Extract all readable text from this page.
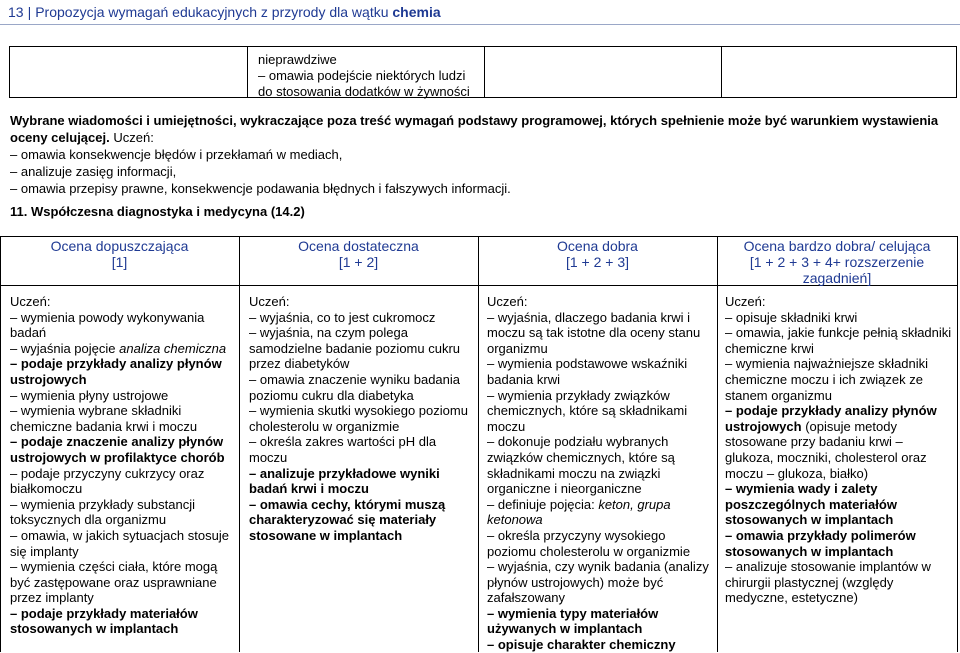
13 | Propozycja wymagań edukacyjnych z przyrody dla wątku chemia
nieprawdziwe
– omawia podejście niektórych ludzi
do stosowania dodatków w żywności
Wybrane wiadomości i umiejętności, wykraczające poza treść wymagań podstawy programowej, których spełnienie może być warunkiem wystawienia oceny celującej. Uczeń:
– omawia konsekwencje błędów i przekłamań w mediach,
– analizuje zasięg informacji,
– omawia przepisy prawne, konsekwencje podawania błędnych i fałszywych informacji.
11. Współczesna diagnostyka i medycyna (14.2)
Ocena dopuszczająca
[1]
Ocena dostateczna
[1 + 2]
Ocena dobra
[1 + 2 + 3]
Ocena bardzo dobra/ celująca
[1 + 2 + 3 + 4+ rozszerzenie zagadnień]
Uczeń:
– wymienia powody wykonywania badań
– wyjaśnia pojęcie analiza chemiczna
– podaje przykłady analizy płynów ustrojowych
– wymienia płyny ustrojowe
– wymienia wybrane składniki chemiczne badania krwi i moczu
– podaje znaczenie analizy płynów ustrojowych w profilaktyce chorób
– podaje przyczyny cukrzycy oraz białkomoczu
– wymienia przykłady substancji toksycznych dla organizmu
– omawia, w jakich sytuacjach stosuje się implanty
– wymienia części ciała, które mogą być zastępowane oraz usprawniane przez implanty
– podaje przykłady materiałów stosowanych w implantach
Uczeń:
– wyjaśnia, co to jest cukromocz
– wyjaśnia, na czym polega samodzielne badanie poziomu cukru przez diabetyków
– omawia znaczenie wyniku badania poziomu cukru dla diabetyka
– wymienia skutki wysokiego poziomu cholesterolu w organizmie
– określa zakres wartości pH dla moczu
– analizuje przykładowe wyniki badań krwi i moczu
– omawia cechy, którymi muszą charakteryzować się materiały stosowane w implantach
Uczeń:
– wyjaśnia, dlaczego badania krwi i moczu są tak istotne dla oceny stanu organizmu
– wymienia podstawowe wskaźniki badania krwi
– wymienia przykłady związków chemicznych, które są składnikami moczu
– dokonuje podziału wybranych związków chemicznych, które są składnikami moczu na związki organiczne i nieorganiczne
– definiuje pojęcia: keton, grupa ketonowa
– określa przyczyny wysokiego poziomu cholesterolu w organizmie
– wyjaśnia, czy wynik badania (analizy płynów ustrojowych) może być zafałszowany
– wymienia typy materiałów używanych w implantach
– opisuje charakter chemiczny
Uczeń:
– opisuje składniki krwi
– omawia, jakie funkcje pełnią składniki chemiczne krwi
– wymienia najważniejsze składniki chemiczne moczu i ich związek ze stanem organizmu
– podaje przykłady analizy płynów ustrojowych (opisuje metody stosowane przy badaniu krwi – glukoza, moczniki, cholesterol oraz moczu – glukoza, białko)
– wymienia wady i zalety poszczególnych materiałów stosowanych w implantach
– omawia przykłady polimerów stosowanych w implantach
– analizuje stosowanie implantów w chirurgii plastycznej (względy medyczne, estetyczne)
